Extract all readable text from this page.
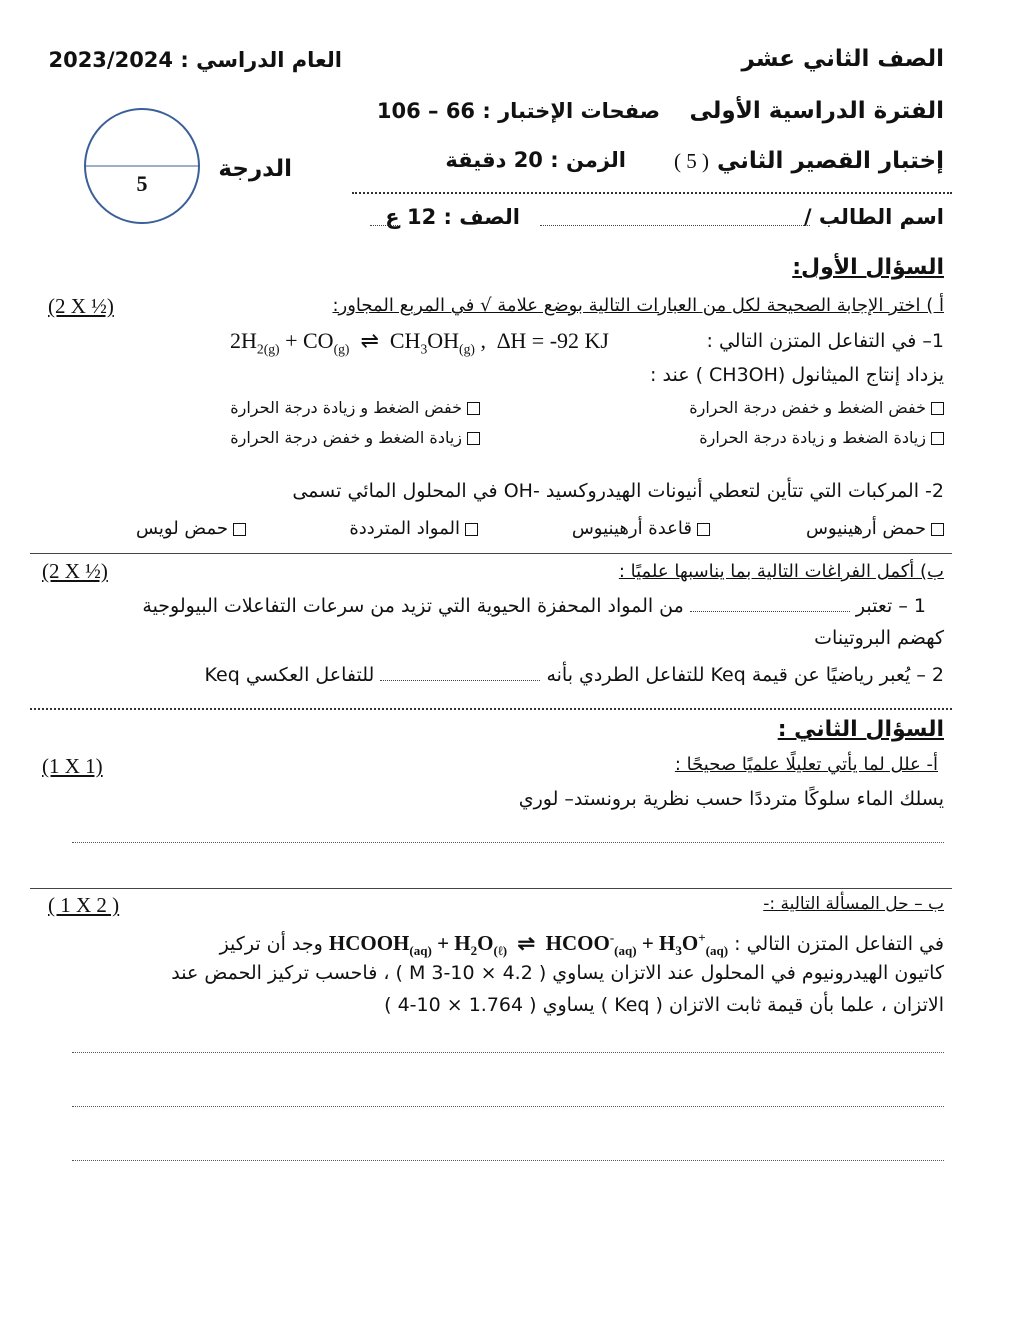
الصف الثاني عشر
العام الدراسي : 2023/2024
الفترة الدراسية الأولى
صفحات الإختبار : 66 – 106
إختبار القصير الثاني ( 5 )
الزمن : 20 دقيقة
الدرجة
5
اسم الطالب /
الصف : 12 ع
السؤال الأول:
أ ) اختر الإجابة الصحيحة لكل من العبارات التالية بوضع علامة √ في المربع المجاور:
(2 X ½)
1– في التفاعل المتزن التالي :
$2H_{2(g)} + CO_{(g)}$  ⇌  $CH_3OH_{(g)}$ ,  ∆H = -92 KJ
يزداد إنتاج الميثانول (CH3OH ) عند :
خفض الضغط و خفض درجة الحرارة
خفض الضغط و زيادة درجة الحرارة
زيادة الضغط و زيادة درجة الحرارة
زيادة الضغط و خفض درجة الحرارة
2- المركبات التي تتأين لتعطي أنيونات الهيدروكسيد -OH في المحلول المائي تسمى
حمض أرهينيوس
قاعدة أرهينيوس
المواد المترددة
حمض لويس
ب) أكمل الفراغات التالية بما يناسبها علميًا :
(2 X ½)
1 – تعتبر  من المواد المحفزة الحيوية التي تزيد من سرعات التفاعلات البيولوجية
كهضم البروتينات
2 – يُعبر رياضيًا عن قيمة Keq للتفاعل الطردي بأنه  للتفاعل العكسي Keq
السؤال الثاني :
أ- علل لما يأتي تعليلًا علميًا صحيحًا :
(1 X 1)
يسلك الماء سلوكًا مترددًا حسب نظرية برونستد– لوري
ب – حل المسألة التالية :-
( 1 X 2 )
في التفاعل المتزن التالي : $HCOOH_{(aq)} + H_2O_{(\ell)}$  ⇌  $HCOO^-_{(aq)} + H_3O^+_{(aq)}$ وجد أن تركيز
كاتيون الهيدرونيوم في المحلول عند الاتزان يساوي ( 4.2 × 10-3 M ) ، فاحسب تركيز الحمض عند
الاتزان ، علما بأن قيمة ثابت الاتزان ( Keq ) يساوي ( 1.764 × 10-4 )
